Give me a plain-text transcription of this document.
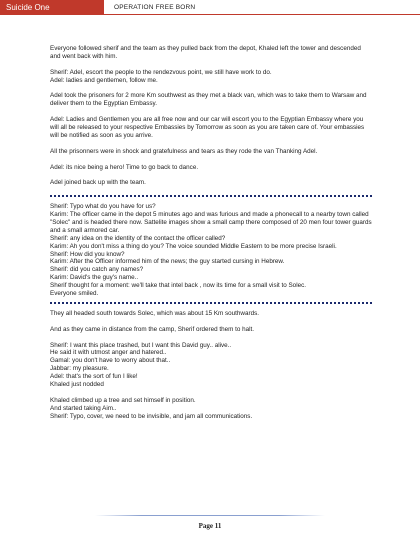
Suicide One	OPERATION FREE BORN

Everyone followed sherif and the team as they pulled back from the depot, Khaled left the tower and descended and went back with him.

Sherif: Adel, escort the people to the rendezvous point, we still have work to do.
Adel: ladies and gentlemen, follow me.

Adel took the prisoners for 2 more Km southwest as they met a black van, which was to take them to Warsaw and deliver them to the Egyptian Embassy.

Adel: Ladies and Gentlemen you are all free now and our car will escort you to the Egyptian Embassy where you will all be released to your respective Embassies by Tomorrow as soon as you are taken care of. Your embassies will be notified as soon as you arrive.

All the prisonners were in shock and gratefulness and tears as they rode the van Thanking Adel.

Adel: its nice being a hero! Time to go back to dance.

Adel joined back up with the team.

Sherif: Typo what do you have for us?
Karim: The officer came in the depot 5 minutes ago and was furious and made a phonecall to a nearby town called "Solec" and is headed there now. Sattelite images show a small camp there composed of 20 men four tower guards and a small armored car.
Sherif: any idea on the identity of the contact the officer called?
Karim: Ah you don't miss a thing do you? The voice sounded Middle Eastern to be more precise Israeli.
Sherif: How did you know?
Karim: After the Officer informed him of the news; the guy started cursing in Hebrew.
Sherif: did you catch any names?
Karim: David's the guy's name..
Sherif thought for a moment: we'll take that intel back , now its time for a small visit to Solec.
Everyone smiled.

They all headed south towards Solec, which was about 15 Km southwards.

And as they came in distance from the camp, Sherif ordered them to halt.

Sherif: I want this place trashed, but I want this David guy.. alive..
He said it with utmost anger and hatered..
Gamal: you don't have to worry about that..
Jabbar: my pleasure.
Adel: that's the sort of fun I like!
Khaled just nodded

Khaled climbed up a tree and set himself in position.
And started taking Aim..
Sherif: Typo, cover, we need to be invisible, and jam all communications.

Page 11
